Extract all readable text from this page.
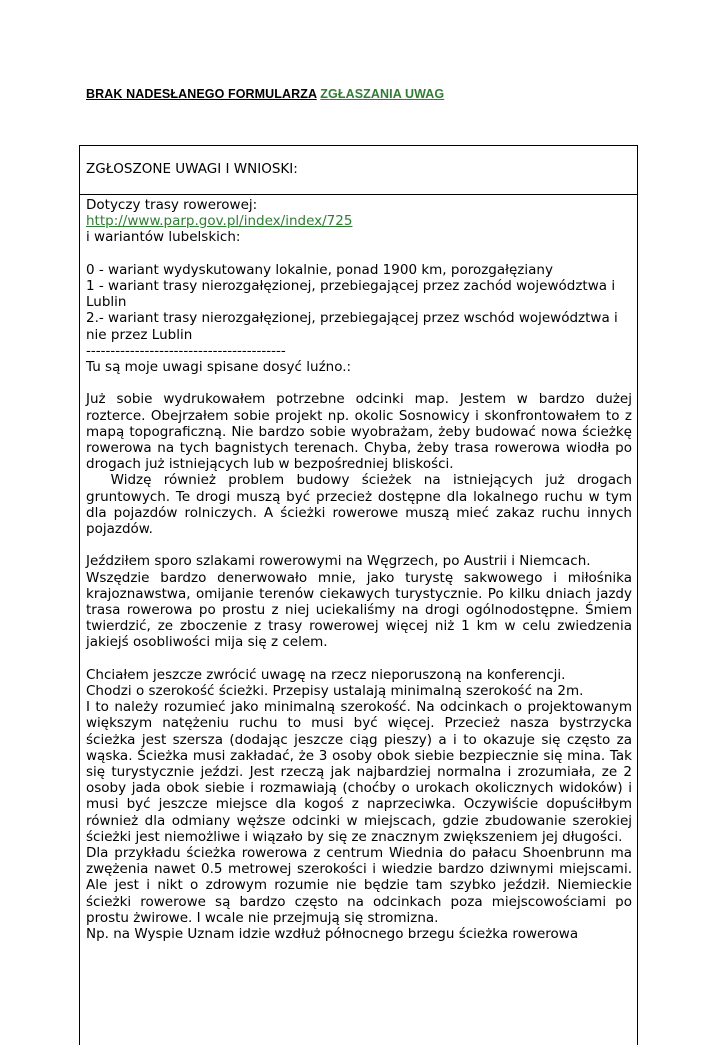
BRAK NADESŁANEGO FORMULARZA ZGŁASZANIA UWAG
ZGŁOSZONE UWAGI I WNIOSKI:

Dotyczy trasy rowerowej:

http://www.parp.gov.pl/index/index/725

i wariantów lubelskich:

0 - wariant wydyskutowany lokalnie, ponad 1900 km, porozgałęziany

1 - wariant trasy nierozgałęzionej, przebiegającej przez zachód województwa i Lublin

2.- wariant trasy nierozgałęzionej, przebiegającej przez wschód województwa i nie przez Lublin

-----------------------------------------

Tu są moje uwagi spisane dosyć luźno.:

Już sobie wydrukowałem potrzebne odcinki map. Jestem w bardzo dużej rozterce. Obejrzałem sobie projekt np. okolic Sosnowicy i skonfrontowałem to z mapą topograficzną. Nie bardzo sobie wyobrażam, żeby budować nowa ścieżkę rowerowa na tych bagnistych terenach. Chyba, żeby trasa rowerowa wiodła po drogach już istniejących lub w bezpośredniej bliskości.

Widzę również problem budowy ścieżek na istniejących już drogach gruntowych. Te drogi muszą być przecież dostępne dla lokalnego ruchu w tym dla pojazdów rolniczych. A ścieżki rowerowe muszą mieć zakaz ruchu innych pojazdów.

Jeździłem sporo szlakami rowerowymi na Węgrzech, po Austrii i Niemcach.

Wszędzie bardzo denerwowało mnie, jako turystę sakwowego i miłośnika krajoznawstwa, omijanie terenów ciekawych turystycznie. Po kilku dniach jazdy trasa rowerowa po prostu z niej uciekaliśmy na drogi ogólnodostępne. Śmiem twierdzić, ze zboczenie z trasy rowerowej więcej niż 1 km w celu zwiedzenia jakiejś osobliwości mija się z celem.

Chciałem jeszcze zwrócić uwagę na rzecz nieporuszoną na konferencji.

Chodzi o szerokość ścieżki. Przepisy ustalają minimalną szerokość na 2m.

I to należy rozumieć jako minimalną szerokość. Na odcinkach o projektowanym większym natężeniu ruchu to musi być więcej. Przecież nasza bystrzycka ścieżka jest szersza (dodając jeszcze ciąg pieszy) a i to okazuje się często za wąska. Ścieżka musi zakładać, że 3 osoby obok siebie bezpiecznie się mina. Tak się turystycznie jeździ. Jest rzeczą jak najbardziej normalna i zrozumiała, ze 2 osoby jada obok siebie i rozmawiają (choćby o urokach okolicznych widoków) i musi być jeszcze miejsce dla kogoś z naprzeciwka. Oczywiście dopuściłbym również dla odmiany węższe odcinki w miejscach, gdzie zbudowanie szerokiej ścieżki jest niemożliwe i wiązało by się ze znacznym zwiększeniem jej długości.

Dla przykładu ścieżka rowerowa z centrum Wiednia do pałacu Shoenbrunn ma zwężenia nawet 0.5 metrowej szerokości i wiedzie bardzo dziwnymi miejscami. Ale jest i nikt o zdrowym rozumie nie będzie tam szybko jeździł. Niemieckie ścieżki rowerowe są bardzo często na odcinkach poza miejscowościami po prostu żwirowe. I wcale nie przejmują się stromizna.

Np. na Wyspie Uznam idzie wzdłuż północnego brzegu ścieżka rowerowa
